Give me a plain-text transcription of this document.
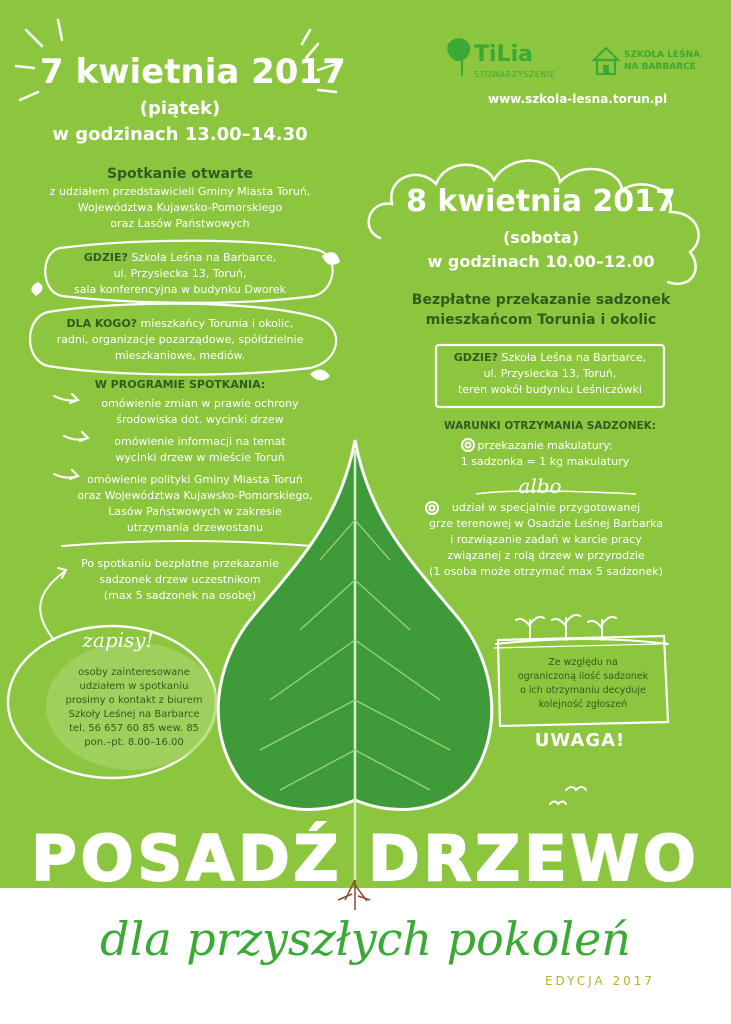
TiLia
STOWARZYSZENIE
SZKOŁA LEŚNA
NA BARBARCE
www.szkola-lesna.torun.pl
7 kwietnia 2017
(piątek)
w godzinach 13.00–14.30
Spotkanie otwarte
z udziałem przedstawicieli Gminy Miasta Toruń,
Województwa Kujawsko-Pomorskiego
oraz Lasów Państwowych
GDZIE? Szkoła Leśna na Barbarce,
ul. Przysiecka 13, Toruń,
sala konferencyjna w budynku Dworek
DLA KOGO? mieszkańcy Torunia i okolic,
radni, organizacje pozarządowe, spółdzielnie
mieszkaniowe, mediów.
W PROGRAMIE SPOTKANIA:
omówienie zmian w prawie ochrony
środowiska dot. wycinki drzew
omówienie informacji na temat
wycinki drzew w mieście Toruń
omówienie polityki Gminy Miasta Toruń
oraz Województwa Kujawsko-Pomorskiego,
Lasów Państwowych w zakresie
utrzymania drzewostanu
Po spotkaniu bezpłatne przekazanie
sadzonek drzew uczestnikom
(max 5 sadzonek na osobę)
zapisy!
osoby zainteresowane
udziałem w spotkaniu
prosimy o kontakt z biurem
Szkoły Leśnej na Barbarce
tel. 56 657 60 85 wew. 85
pon.–pt. 8.00–16.00
8 kwietnia 2017
(sobota)
w godzinach 10.00–12.00
Bezpłatne przekazanie sadzonek
mieszkańcom Torunia i okolic
GDZIE? Szkoła Leśna na Barbarce,
ul. Przysiecka 13, Toruń,
teren wokół budynku Leśniczówki
WARUNKI OTRZYMANIA SADZONEK:
przekazanie makulatury:
1 sadzonka = 1 kg makulatury
albo
udział w specjalnie przygotowanej
grze terenowej w Osadzie Leśnej Barbarka
i rozwiązanie zadań w karcie pracy
związanej z rolą drzew w przyrodzie
(1 osoba może otrzymać max 5 sadzonek)
Ze względu na
ograniczoną ilość sadzonek
o ich otrzymaniu decyduje
kolejność zgłoszeń
UWAGA!
POSADŹ DRZEWO
dla przyszłych pokoleń
EDYCJA 2017
